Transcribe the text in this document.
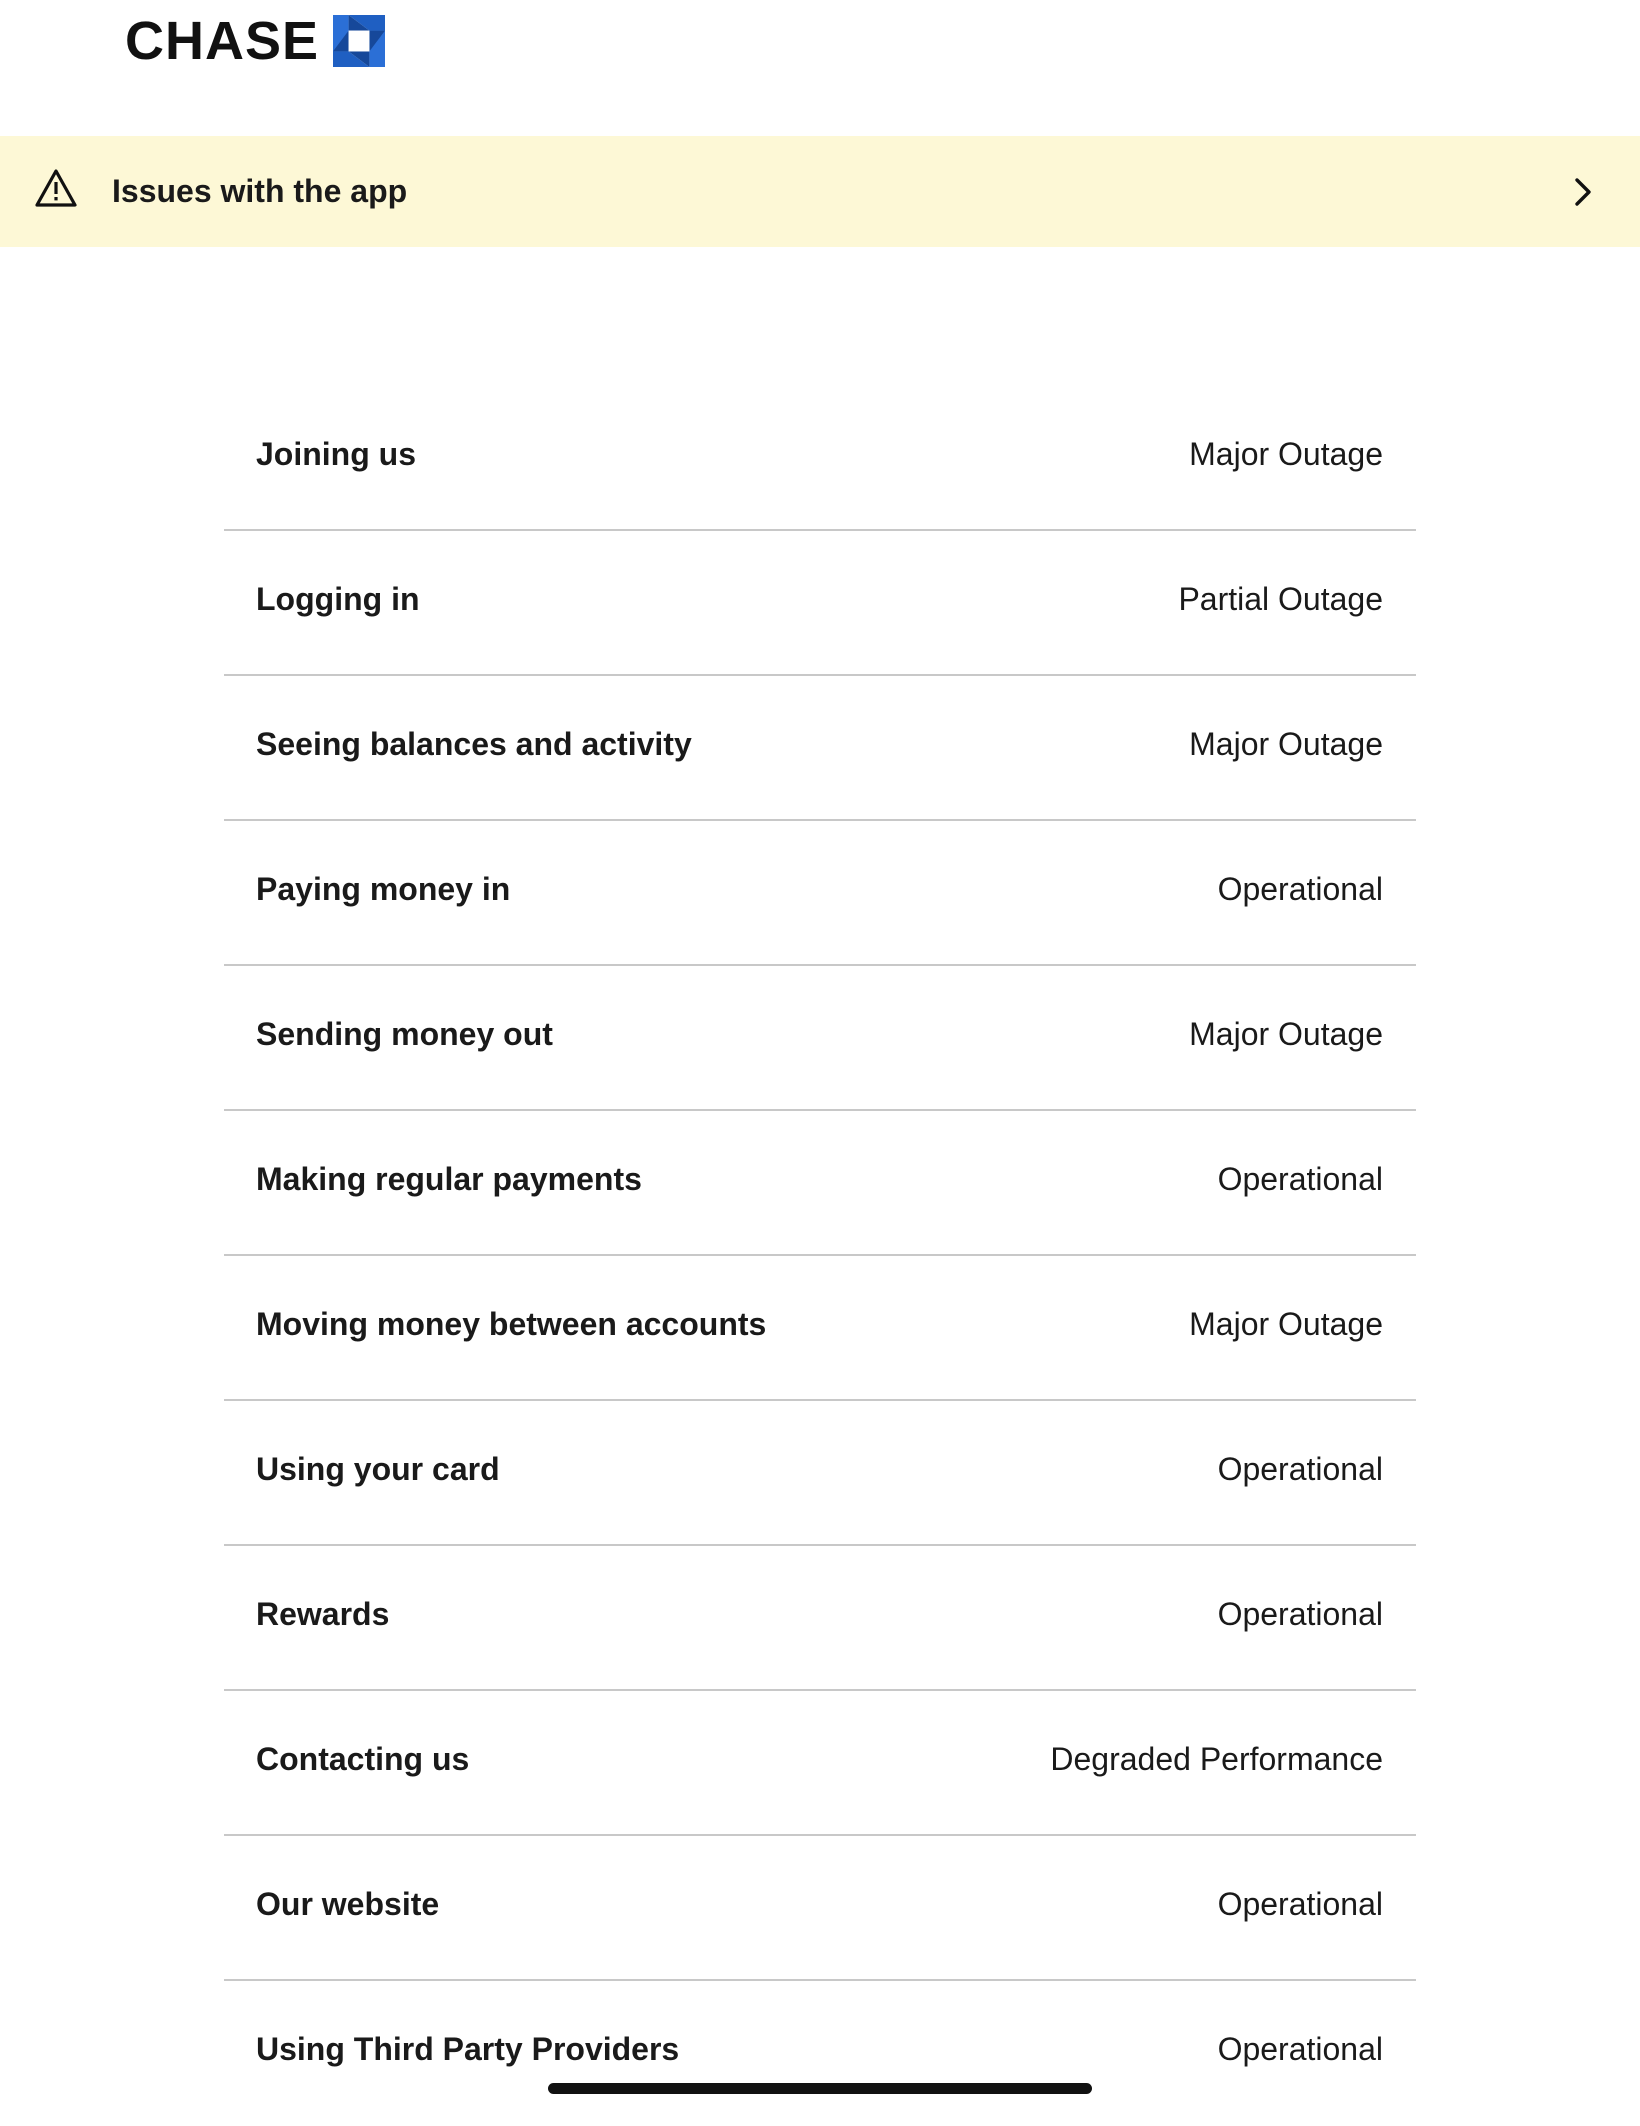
CHASE
Issues with the app
Joining us	Major Outage
Logging in	Partial Outage
Seeing balances and activity	Major Outage
Paying money in	Operational
Sending money out	Major Outage
Making regular payments	Operational
Moving money between accounts	Major Outage
Using your card	Operational
Rewards	Operational
Contacting us	Degraded Performance
Our website	Operational
Using Third Party Providers	Operational
